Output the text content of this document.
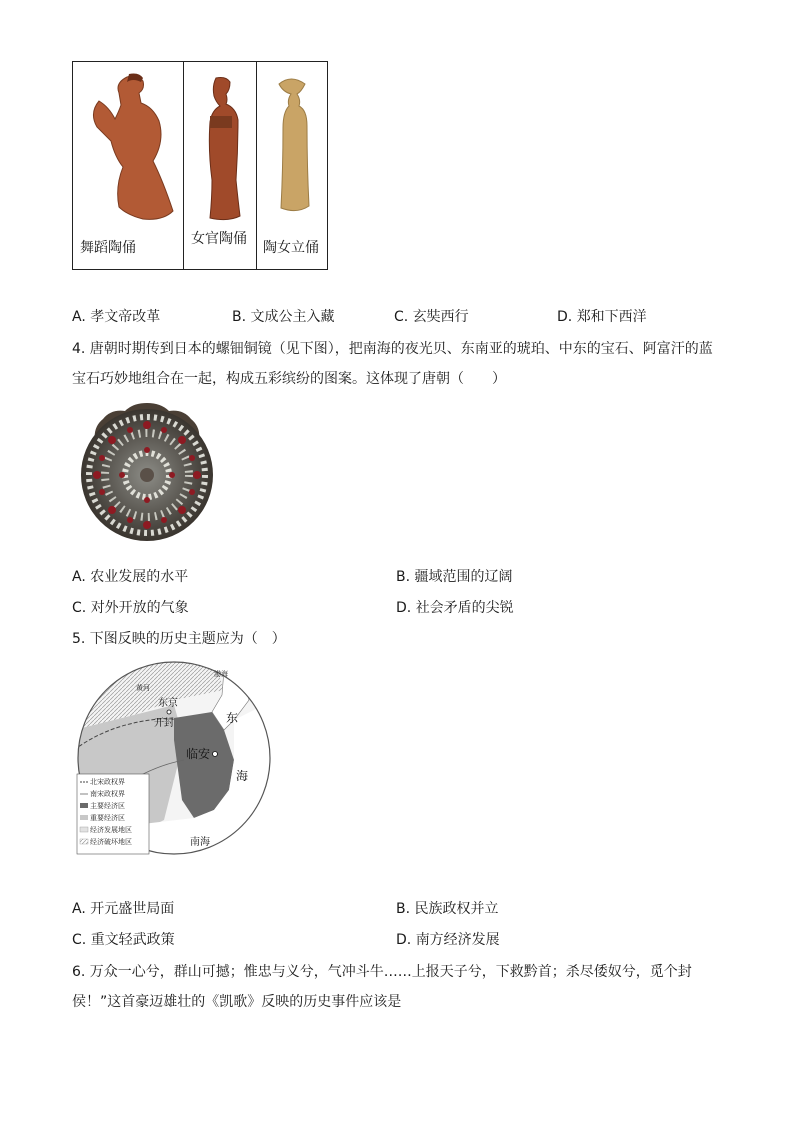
舞蹈陶俑
女官陶俑
陶女立俑
A. 孝文帝改革	B. 文成公主入藏	C. 玄奘西行	D. 郑和下西洋
4. 唐朝时期传到日本的螺钿铜镜（见下图），把南海的夜光贝、东南亚的琥珀、中东的宝石、阿富汗的蓝
宝石巧妙地组合在一起，构成五彩缤纷的图案。这体现了唐朝（　　）
A. 农业发展的水平	B. 疆域范围的辽阔
C. 对外开放的气象	D. 社会矛盾的尖锐
5. 下图反映的历史主题应为（　）
渤海
黄河
东京
开封	东
临安
海
南海
北宋政权界
南宋政权界
主要经济区
重要经济区
经济发展地区
经济破坏地区
A. 开元盛世局面	B. 民族政权并立
C. 重文轻武政策	D. 南方经济发展
6. 万众一心兮，群山可撼；惟忠与义兮，气冲斗牛……上报天子兮，下救黔首；杀尽倭奴兮，觅个封
侯！”这首豪迈雄壮的《凯歌》反映的历史事件应该是
